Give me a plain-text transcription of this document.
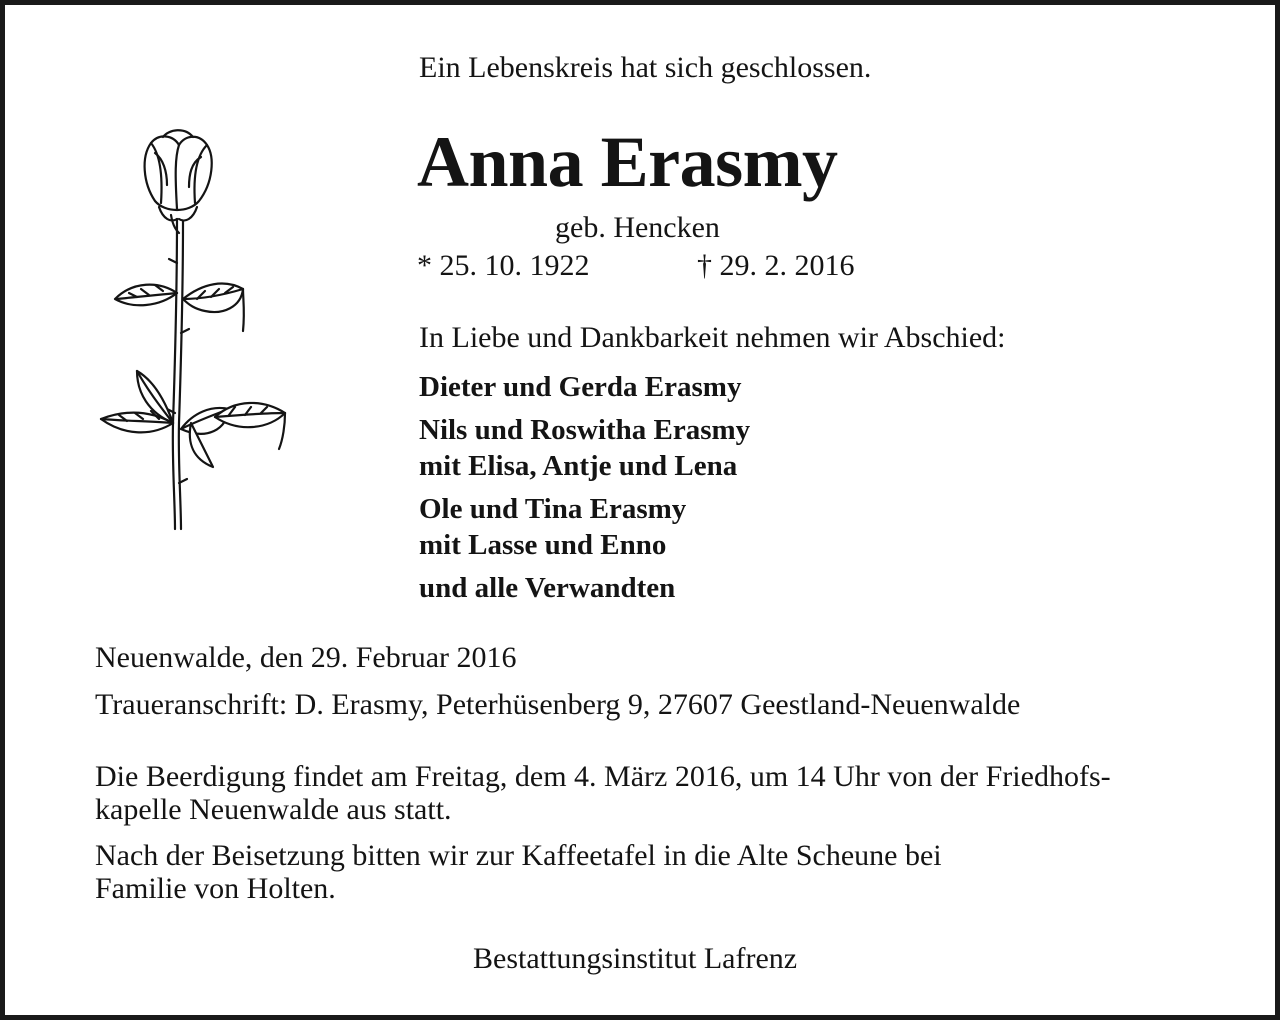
Ein Lebenskreis hat sich geschlossen.

Anna Erasmy

geb. Hencken

* 25. 10. 1922	† 29. 2. 2016

In Liebe und Dankbarkeit nehmen wir Abschied:

Dieter und Gerda Erasmy

Nils und Roswitha Erasmy

mit Elisa, Antje und Lena

Ole und Tina Erasmy

mit Lasse und Enno

und alle Verwandten

Neuenwalde, den 29. Februar 2016

Traueranschrift: D. Erasmy, Peterhüsenberg 9, 27607 Geestland-Neuenwalde

Die Beerdigung findet am Freitag, dem 4. März 2016, um 14 Uhr von der Friedhofs-

kapelle Neuenwalde aus statt.

Nach der Beisetzung bitten wir zur Kaffeetafel in die Alte Scheune bei

Familie von Holten.

Bestattungsinstitut Lafrenz
